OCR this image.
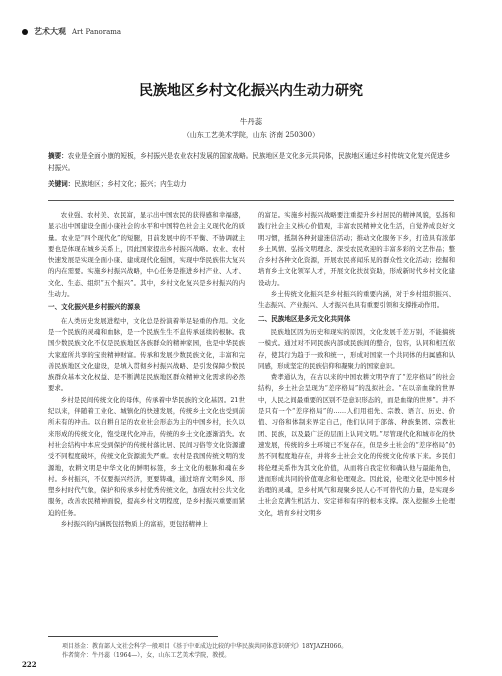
艺术大观 Art Panorama
民族地区乡村文化振兴内生动力研究
牛丹蕊
（山东工艺美术学院，山东 济南 250300）
摘要：农业是全面小康的短板，乡村振兴是农业农村发展的国家战略。民族地区是文化多元共同体，民族地区通过乡村传统文化复兴促进乡村振兴。
关键词：民族地区；乡村文化；振兴；内生动力

农业强、农村美、农民富，显示出中国农民的获得感和幸福感，显示出中国建设全面小康社会的水平和中国特色社会主义现代化的质量。农业是“四个现代化”的短腿，目前发展中的不平衡、不协调就主要也是体现在城乡关系上，因此国家提出乡村振兴战略。农业、农村快速发展是实现全面小康、建成现代化强国，实现中华民族伟大复兴的内在需要。实施乡村振兴战略，中心任务是推进乡村产业、人才、文化、生态、组织“五个振兴”。其中，乡村文化复兴是乡村振兴的内生动力。

一、文化振兴是乡村振兴的源泉

在人类历史发展进程中，文化总是扮演着举足轻重的作用。文化是一个民族的灵魂和血脉，是一个民族生生不息传承延续的根脉。我国少数民族文化不仅是民族地区各族群众的精神家园，也是中华民族大家庭所共享的宝贵精神财富。传承和发展少数民族文化，丰富和完善民族地区文化建设，是填入贯彻乡村振兴战略、是引发保障少数民族群众基本文化权益、是不断满足民族地区群众精神文化需求的必然要求。

乡村是民间传统文化的母体，传承着中华民族的文化基因。21世纪以来，伴随着工业化、城镇化的快速发展，传统乡土文化也受到前所未有的冲击。以自耕自足的农业社会形态为主的中国乡村，长久以来形成的传统文化，饱受现代化冲击，传统的乡土文化逐渐消失。农村社会结构中本应受到保护的传统村落比居、民间习俗等文化资源遭受不同程度破坏，传统文化资源流失严重。农村是我国传统文明的发源地，农耕文明是中华文化的鲜明标签，乡土文化的根脉和魂在乡村。乡村振兴，不仅要振兴经济，更要铸魂，通过培育文明乡风、形塑乡村时代气象，保护和传承乡村优秀传统文化，加强农村公共文化服务，改善农民精神面貌，提高乡村文明程度，是乡村振兴重要而紧迫的任务。

乡村振兴的内涵既包括物质上的富裕，更包括精神上

的富足。实施乡村振兴战略要注重提升乡村居民的精神风貌，弘扬和践行社会主义核心价值观，丰富农民精神文化生活，自觉养成良好文明习惯，抵制各种封建迷信活动；推动文化服务下乡，打造具有浓郁乡土风情、弘扬文明理念、深受农民欢迎的丰富多彩的文艺作品；整合乡村各种文化资源，开展农民喜闻乐见的群众性文化活动；挖掘和培育乡土文化领军人才，开展文化扶贫资助，形成新时代乡村文化建设动力。

乡土传统文化振兴是乡村振兴的重要内涵，对于乡村组织振兴、生态振兴、产业振兴、人才振兴也具有重要引领和支撑推动作用。

二、民族地区是多元文化共同体

民族地区因为历史和现实的原因，文化发展千差万别，不能搞统一模式。通过对不同民族内部或民族间的整合，包容，认同和相互依存，使其行为趋于一致和统一，形成对国家一个共同体的归属感和认同感，形成坚定的民族信仰和凝聚力的国家意识。

费孝通认为，在古以来的中国农耕文明孕育了“差序格局”的社会结构，乡土社会呈现为“差序格局”的乱拟社会。“在以亲血缘的世界中，人民之间最重要的区别不是意识形态的，而是血缘的世界”。并不是只有一个“差序格局”的……人们用祖先、宗教、语言、历史、价值、习俗和体制来界定自己，他们认同于部落、种族集团、宗教社团、民族，以及最广泛的层面上认同文明。”尽管现代化和城市化的快速发展，传统的乡土环境已不复存在，但是乡土社会的“差序格局”仍然不同程度地存在，并将乡土社会文化的传统文化传承下来。乡民们将伦理关系作为其文化价值，从而将自我定位和确认他与最能角色，进而形成共同的价值观念和伦理观念。因此说，伦理文化是中国乡村治理的灵魂，是乡村风气和现聚乡民人心不可替代的力量，是实现乡土社会克满生机活力、安定祥和有序的根本支撑。深入挖掘乡土伦理文化，培育乡村文明乡

项目基金：教育部人文社会科学一般项目《基于中亚成边比较的中华民族共同体意识研究》18YJAZH066。
作者简介：牛丹蕊（1964—），女，山东工艺美术学院，教授。
222
